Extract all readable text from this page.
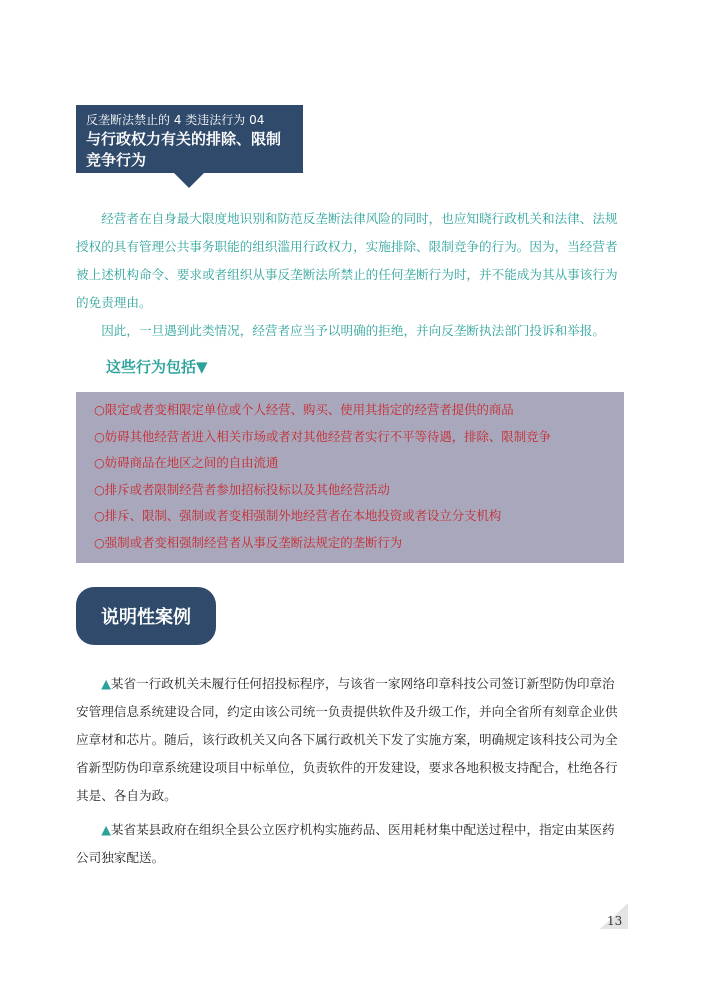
反垄断法禁止的 4 类违法行为 04
与行政权力有关的排除、限制竞争行为

经营者在自身最大限度地识别和防范反垄断法律风险的同时，也应知晓行政机关和法律、法规授权的具有管理公共事务职能的组织滥用行政权力，实施排除、限制竞争的行为。因为，当经营者被上述机构命令、要求或者组织从事反垄断法所禁止的任何垄断行为时，并不能成为其从事该行为的免责理由。

因此，一旦遇到此类情况，经营者应当予以明确的拒绝，并向反垄断执法部门投诉和举报。

这些行为包括▼
○限定或者变相限定单位或个人经营、购买、使用其指定的经营者提供的商品
○妨碍其他经营者进入相关市场或者对其他经营者实行不平等待遇，排除、限制竞争
○妨碍商品在地区之间的自由流通
○排斥或者限制经营者参加招标投标以及其他经营活动
○排斥、限制、强制或者变相强制外地经营者在本地投资或者设立分支机构
○强制或者变相强制经营者从事反垄断法规定的垄断行为
说明性案例

▲某省一行政机关未履行任何招投标程序，与该省一家网络印章科技公司签订新型防伪印章治安管理信息系统建设合同，约定由该公司统一负责提供软件及升级工作，并向全省所有刻章企业供应章材和芯片。随后，该行政机关又向各下属行政机关下发了实施方案，明确规定该科技公司为全省新型防伪印章系统建设项目中标单位，负责软件的开发建设，要求各地积极支持配合，杜绝各行其是、各自为政。

▲某省某县政府在组织全县公立医疗机构实施药品、医用耗材集中配送过程中，指定由某医药公司独家配送。

13
